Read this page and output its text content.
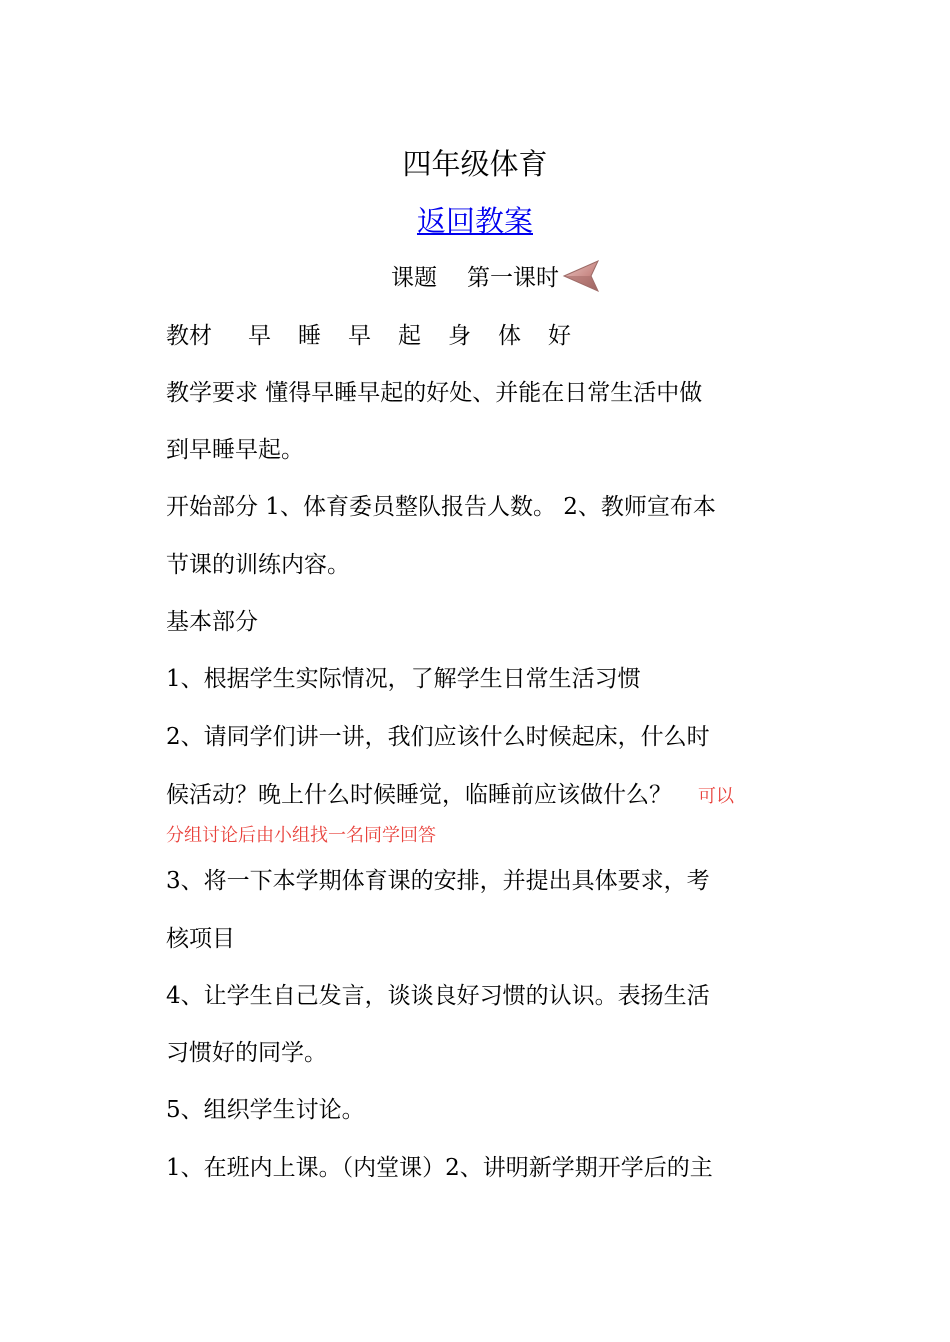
四年级体育
返回教案
课题 第一课时
教材 早 睡 早 起 身 体 好
教学要求 懂得早睡早起的好处、并能在日常生活中做
到早睡早起。
开始部分 1、体育委员整队报告人数。 2、教师宣布本
节课的训练内容。
基本部分
1、根据学生实际情况，了解学生日常生活习惯
2、请同学们讲一讲，我们应该什么时候起床，什么时
候活动？晚上什么时候睡觉，临睡前应该做什么？ 可以
分组讨论后由小组找一名同学回答
3、将一下本学期体育课的安排，并提出具体要求，考
核项目
4、让学生自己发言，谈谈良好习惯的认识。表扬生活
习惯好的同学。
5、组织学生讨论。
1、在班内上课。（内堂课）2、讲明新学期开学后的主
